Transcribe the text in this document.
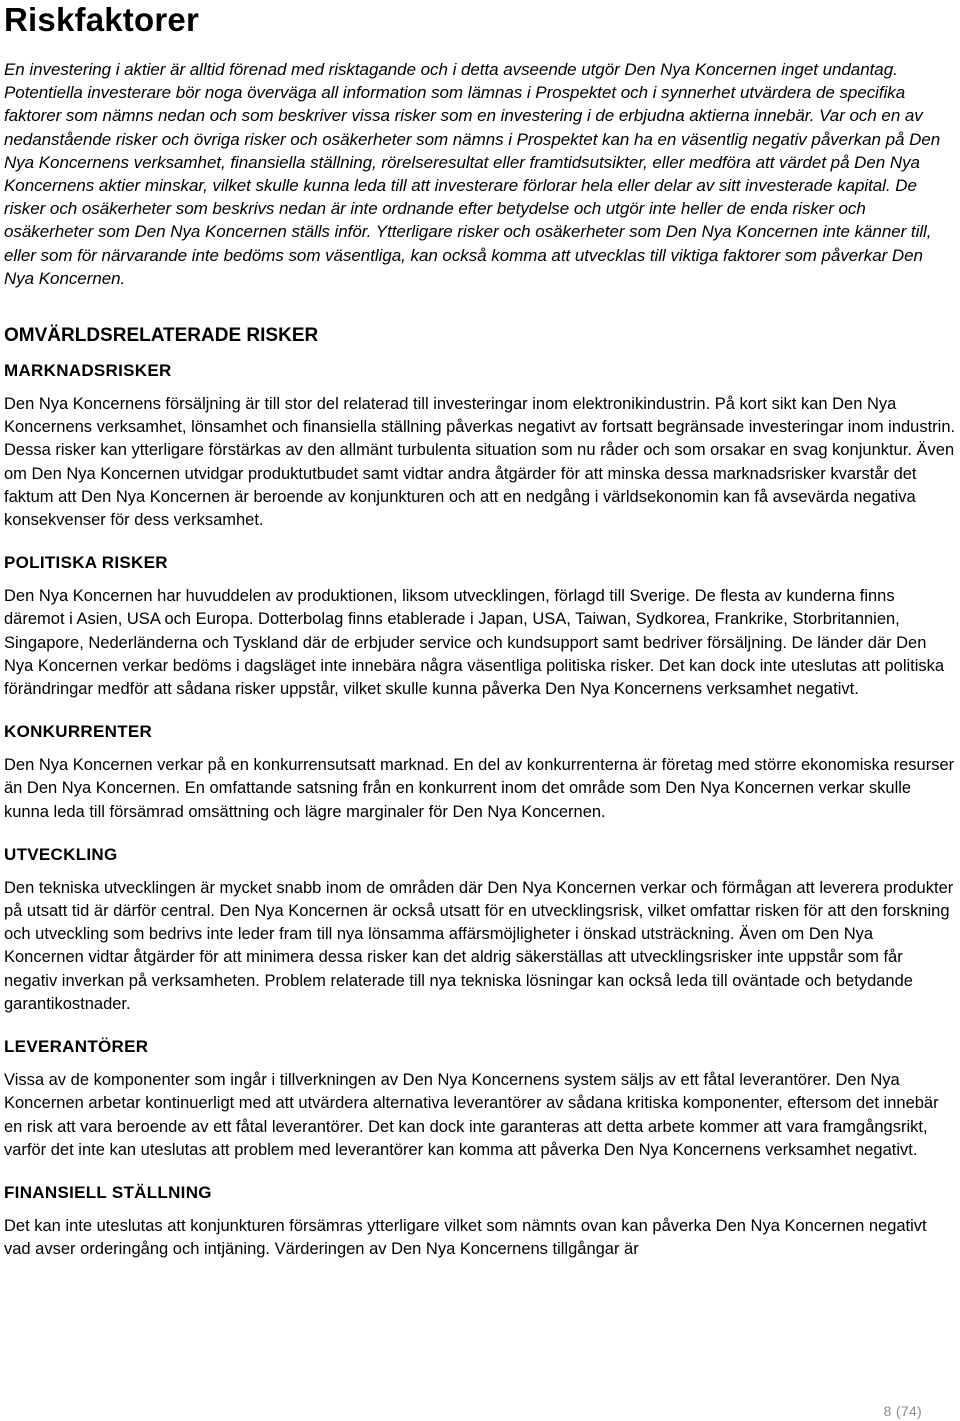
Riskfaktorer

En investering i aktier är alltid förenad med risktagande och i detta avseende utgör Den Nya Koncernen inget undantag. Potentiella investerare bör noga överväga all information som lämnas i Prospektet och i synnerhet utvärdera de specifika faktorer som nämns nedan och som beskriver vissa risker som en investering i de erbjudna aktierna innebär. Var och en av nedanstående risker och övriga risker och osäkerheter som nämns i Prospektet kan ha en väsentlig negativ påverkan på Den Nya Koncernens verksamhet, finansiella ställning, rörelseresultat eller framtidsutsikter, eller medföra att värdet på Den Nya Koncernens aktier minskar, vilket skulle kunna leda till att investerare förlorar hela eller delar av sitt investerade kapital. De risker och osäkerheter som beskrivs nedan är inte ordnande efter betydelse och utgör inte heller de enda risker och osäkerheter som Den Nya Koncernen ställs inför. Ytterligare risker och osäkerheter som Den Nya Koncernen inte känner till, eller som för närvarande inte bedöms som väsentliga, kan också komma att utvecklas till viktiga faktorer som påverkar Den Nya Koncernen.

OMVÄRLDSRELATERADE RISKER
MARKNADSRISKER

Den Nya Koncernens försäljning är till stor del relaterad till investeringar inom elektronikindustrin. På kort sikt kan Den Nya Koncernens verksamhet, lönsamhet och finansiella ställning påverkas negativt av fortsatt begränsade investeringar inom industrin. Dessa risker kan ytterligare förstärkas av den allmänt turbulenta situation som nu råder och som orsakar en svag konjunktur. Även om Den Nya Koncernen utvidgar produktutbudet samt vidtar andra åtgärder för att minska dessa marknadsrisker kvarstår det faktum att Den Nya Koncernen är beroende av konjunkturen och att en nedgång i världsekonomin kan få avsevärda negativa konsekvenser för dess verksamhet.

POLITISKA RISKER

Den Nya Koncernen har huvuddelen av produktionen, liksom utvecklingen, förlagd till Sverige. De flesta av kunderna finns däremot i Asien, USA och Europa. Dotterbolag finns etablerade i Japan, USA, Taiwan, Sydkorea, Frankrike, Storbritannien, Singapore, Nederländerna och Tyskland där de erbjuder service och kundsupport samt bedriver försäljning. De länder där Den Nya Koncernen verkar bedöms i dagsläget inte innebära några väsentliga politiska risker. Det kan dock inte uteslutas att politiska förändringar medför att sådana risker uppstår, vilket skulle kunna påverka Den Nya Koncernens verksamhet negativt.

KONKURRENTER

Den Nya Koncernen verkar på en konkurrensutsatt marknad. En del av konkurrenterna är företag med större ekonomiska resurser än Den Nya Koncernen. En omfattande satsning från en konkurrent inom det område som Den Nya Koncernen verkar skulle kunna leda till försämrad omsättning och lägre marginaler för Den Nya Koncernen.

UTVECKLING

Den tekniska utvecklingen är mycket snabb inom de områden där Den Nya Koncernen verkar och förmågan att leverera produkter på utsatt tid är därför central. Den Nya Koncernen är också utsatt för en utvecklingsrisk, vilket omfattar risken för att den forskning och utveckling som bedrivs inte leder fram till nya lönsamma affärsmöjligheter i önskad utsträckning. Även om Den Nya Koncernen vidtar åtgärder för att minimera dessa risker kan det aldrig säkerställas att utvecklingsrisker inte uppstår som får negativ inverkan på verksamheten. Problem relaterade till nya tekniska lösningar kan också leda till oväntade och betydande garantikostnader.

LEVERANTÖRER

Vissa av de komponenter som ingår i tillverkningen av Den Nya Koncernens system säljs av ett fåtal leverantörer. Den Nya Koncernen arbetar kontinuerligt med att utvärdera alternativa leverantörer av sådana kritiska komponenter, eftersom det innebär en risk att vara beroende av ett fåtal leverantörer. Det kan dock inte garanteras att detta arbete kommer att vara framgångsrikt, varför det inte kan uteslutas att problem med leverantörer kan komma att påverka Den Nya Koncernens verksamhet negativt.

FINANSIELL STÄLLNING

Det kan inte uteslutas att konjunkturen försämras ytterligare vilket som nämnts ovan kan påverka Den Nya Koncernen negativt vad avser orderingång och intjäning. Värderingen av Den Nya Koncernens tillgångar är

8 (74)
